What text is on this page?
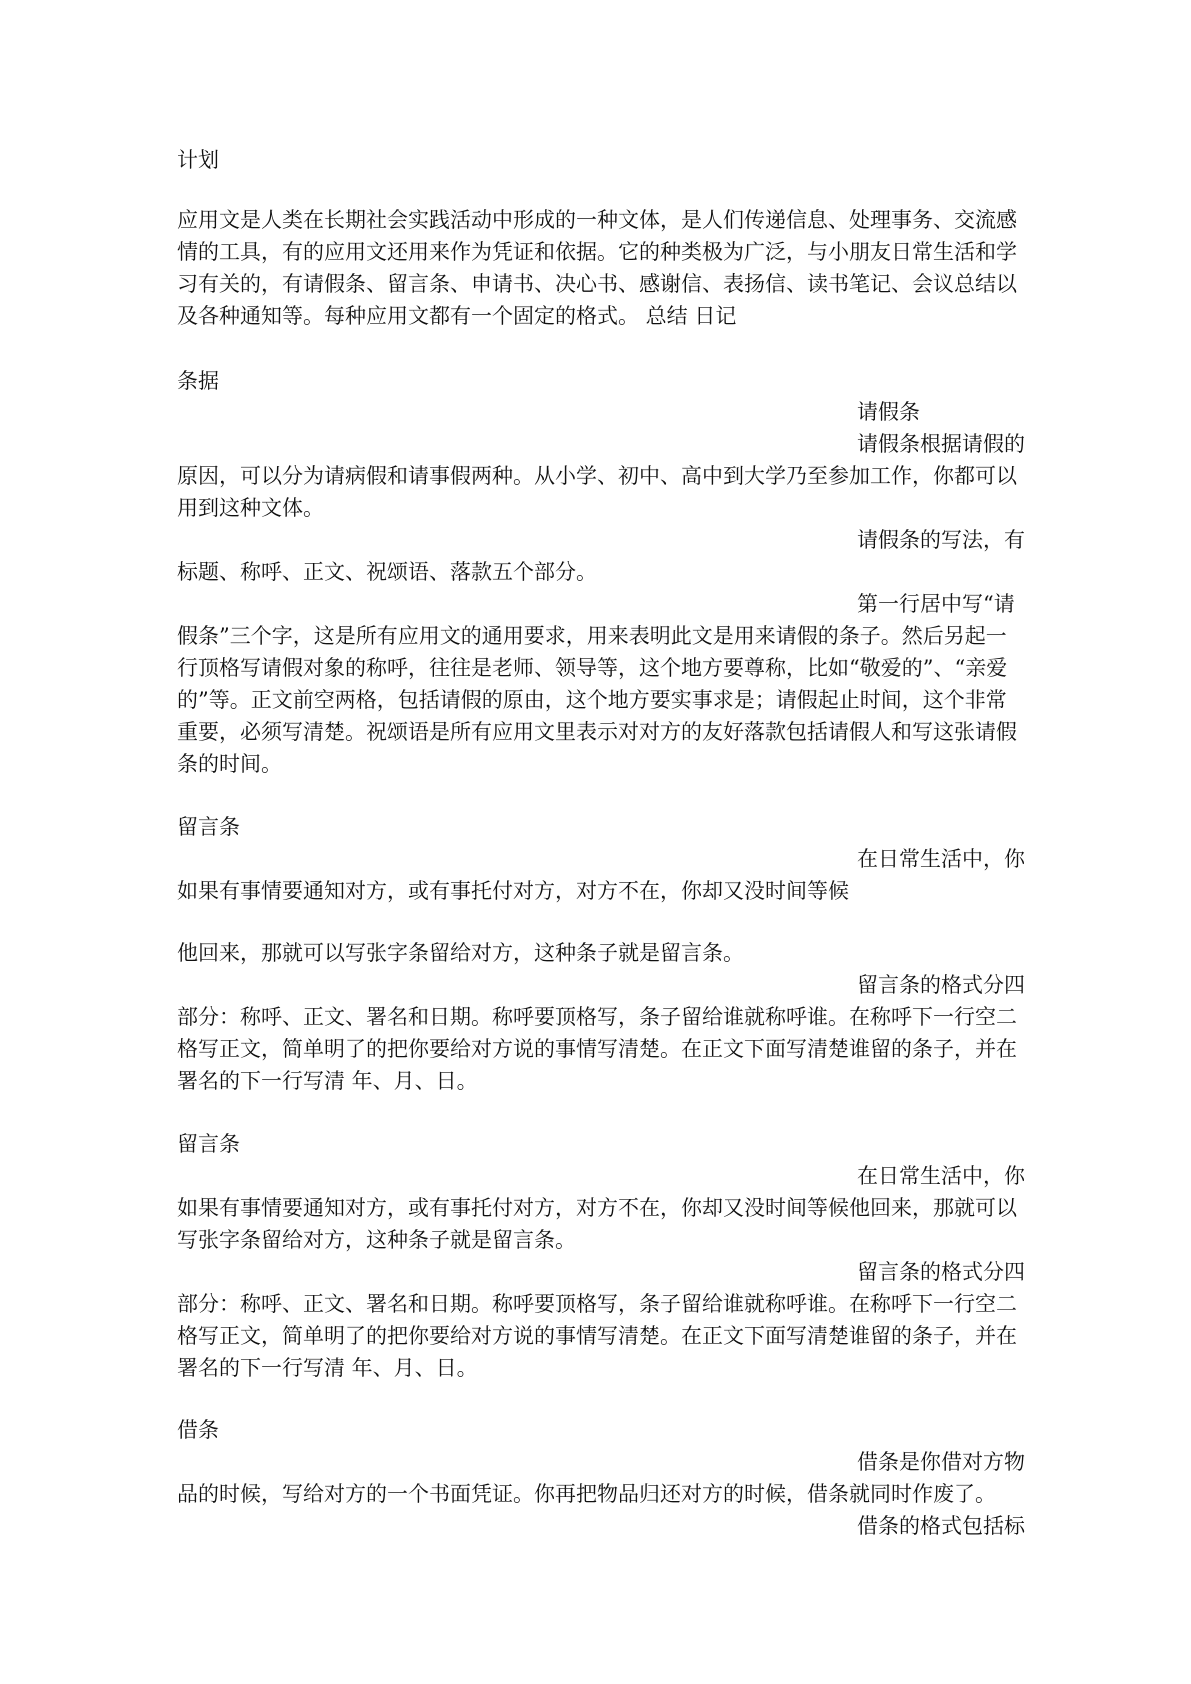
计划
应用文是人类在长期社会实践活动中形成的一种文体，是人们传递信息、处理事务、交流感
情的工具，有的应用文还用来作为凭证和依据。它的种类极为广泛，与小朋友日常生活和学
习有关的，有请假条、留言条、申请书、决心书、感谢信、表扬信、读书笔记、会议总结以
及各种通知等。每种应用文都有一个固定的格式。 总结 日记
条据
请假条
请假条根据请假的
原因，可以分为请病假和请事假两种。从小学、初中、高中到大学乃至参加工作，你都可以
用到这种文体。
请假条的写法，有
标题、称呼、正文、祝颂语、落款五个部分。
第一行居中写“请
假条”三个字，这是所有应用文的通用要求，用来表明此文是用来请假的条子。然后另起一
行顶格写请假对象的称呼，往往是老师、领导等，这个地方要尊称，比如“敬爱的”、“亲爱
的”等。正文前空两格，包括请假的原由，这个地方要实事求是；请假起止时间，这个非常
重要，必须写清楚。祝颂语是所有应用文里表示对对方的友好落款包括请假人和写这张请假
条的时间。
留言条
在日常生活中，你
如果有事情要通知对方，或有事托付对方，对方不在，你却又没时间等候
他回来，那就可以写张字条留给对方，这种条子就是留言条。
留言条的格式分四
部分：称呼、正文、署名和日期。称呼要顶格写，条子留给谁就称呼谁。在称呼下一行空二
格写正文，简单明了的把你要给对方说的事情写清楚。在正文下面写清楚谁留的条子，并在
署名的下一行写清 年、月、日。
留言条
在日常生活中，你
如果有事情要通知对方，或有事托付对方，对方不在，你却又没时间等候他回来，那就可以
写张字条留给对方，这种条子就是留言条。
留言条的格式分四
部分：称呼、正文、署名和日期。称呼要顶格写，条子留给谁就称呼谁。在称呼下一行空二
格写正文，简单明了的把你要给对方说的事情写清楚。在正文下面写清楚谁留的条子，并在
署名的下一行写清 年、月、日。
借条
借条是你借对方物
品的时候，写给对方的一个书面凭证。你再把物品归还对方的时候，借条就同时作废了。
借条的格式包括标
